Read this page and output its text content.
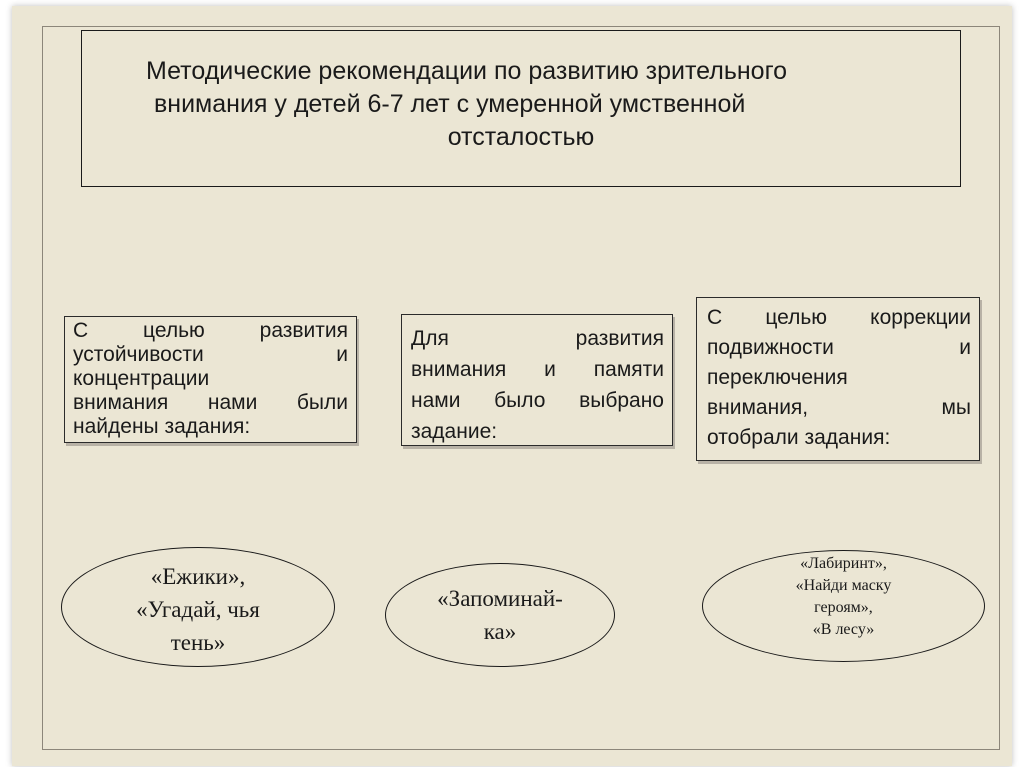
Методические рекомендации по развитию зрительного
внимания у детей 6-7 лет с умеренной умственной
отсталостью
С	целью	развития
устойчивости	и
концентрации
внимания нами были
найдены
задания:
Для	развития
внимания и памяти
нами было выбрано
задание:
С целью коррекции
подвижности	и
переключения
внимания,	мы
отобрали
задания:
«Ежики»,
«Угадай, чья
тень»
«Запоминай-
ка»
«Лабиринт»,
«Найди маску
героям»,
«В лесу»
